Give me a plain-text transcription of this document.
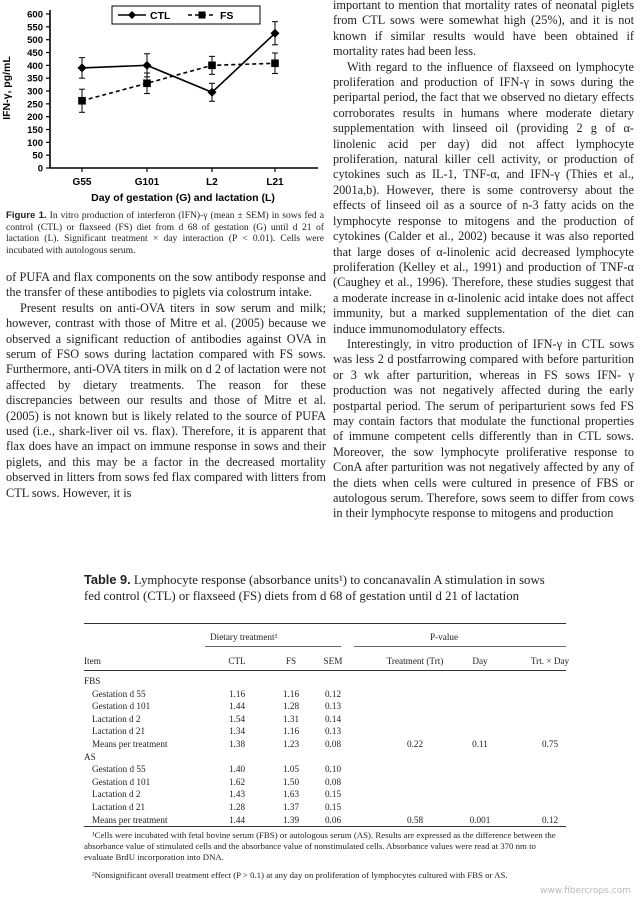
0
50
100
150
200
250
300
350
400
450
500
550
600
G55	G101	L2	L21
CTL	FS
IFN-γ, pg/mL
Day of gestation (G) and lactation (L)
Figure 1. In vitro production of interferon (IFN)-γ (mean ± SEM) in sows fed a control (CTL) or flaxseed (FS) diet from d 68 of gestation (G) until d 21 of lactation (L). Significant treatment × day interaction (P < 0.01). Cells were incubated with autologous serum.

of PUFA and flax components on the sow antibody response and the transfer of these antibodies to piglets via colostrum intake.

Present results on anti-OVA titers in sow serum and milk; however, contrast with those of Mitre et al. (2005) because we observed a significant reduction of antibodies against OVA in serum of FSO sows during lactation compared with FS sows. Furthermore, anti-OVA titers in milk on d 2 of lactation were not affected by dietary treatments. The reason for these discrepancies between our results and those of Mitre et al. (2005) is not known but is likely related to the source of PUFA used (i.e., shark-liver oil vs. flax). Therefore, it is apparent that flax does have an impact on immune response in sows and their piglets, and this may be a factor in the decreased mortality observed in litters from sows fed flax compared with litters from CTL sows. However, it is

important to mention that mortality rates of neonatal piglets from CTL sows were somewhat high (25%), and it is not known if similar results would have been obtained if mortality rates had been less.

With regard to the influence of flaxseed on lymphocyte proliferation and production of IFN-γ in sows during the peripartal period, the fact that we observed no dietary effects corroborates results in humans where moderate dietary supplementation with linseed oil (providing 2 g of α-linolenic acid per day) did not affect lymphocyte proliferation, natural killer cell activity, or production of cytokines such as IL-1, TNF-α, and IFN-γ (Thies et al., 2001a,b). However, there is some controversy about the effects of linseed oil as a source of n-3 fatty acids on the lymphocyte response to mitogens and the production of cytokines (Calder et al., 2002) because it was also reported that large doses of α-linolenic acid decreased lymphocyte proliferation (Kelley et al., 1991) and production of TNF-α (Caughey et al., 1996). Therefore, these studies suggest that a moderate increase in α-linolenic acid intake does not affect immunity, but a marked supplementation of the diet can induce immunomodulatory effects.

Interestingly, in vitro production of IFN-γ in CTL sows was less 2 d postfarrowing compared with before parturition or 3 wk after parturition, whereas in FS sows IFN- γ production was not negatively affected during the early postpartal period. The serum of periparturient sows fed FS may contain factors that modulate the functional properties of immune competent cells differently than in CTL sows. Moreover, the sow lymphocyte proliferative response to ConA after parturition was not negatively affected by any of the diets when cells were cultured in presence of FBS or autologous serum. Therefore, sows seem to differ from cows in their lymphocyte response to mitogens and production

Table 9. Lymphocyte response (absorbance units¹) to concanavalin A stimulation in sows fed control (CTL) or flaxseed (FS) diets from d 68 of gestation until d 21 of lactation
Dietary treatment²	P-value
Item	CTL	FS	SEM	Treatment (Trt)	Day	Trt. × Day
FBS
Gestation d 55	1.16	1.16	0.12
Gestation d 101	1.44	1.28	0.13
Lactation d 2	1.54	1.31	0.14
Lactation d 21	1.34	1.16	0.13
Means per treatment	1.38	1.23	0.08	0.22	0.11	0.75
AS
Gestation d 55	1.40	1.05	0.10
Gestation d 101	1.62	1.50	0.08
Lactation d 2	1.43	1.63	0.15
Lactation d 21	1.28	1.37	0.15
Means per treatment	1.44	1.39	0.06	0.58	0.001	0.12
¹Cells were incubated with fetal bovine serum (FBS) or autologous serum (AS). Results are expressed as the difference between the absorbance value of stimulated cells and the absorbance value of nonstimulated cells. Absorbance values were read at 370 nm to evaluate BrdU incorporation into DNA.
²Nonsignificant overall treatment effect (P > 0.1) at any day on proliferation of lymphocytes cultured with FBS or AS.
www.fibercrops.com
